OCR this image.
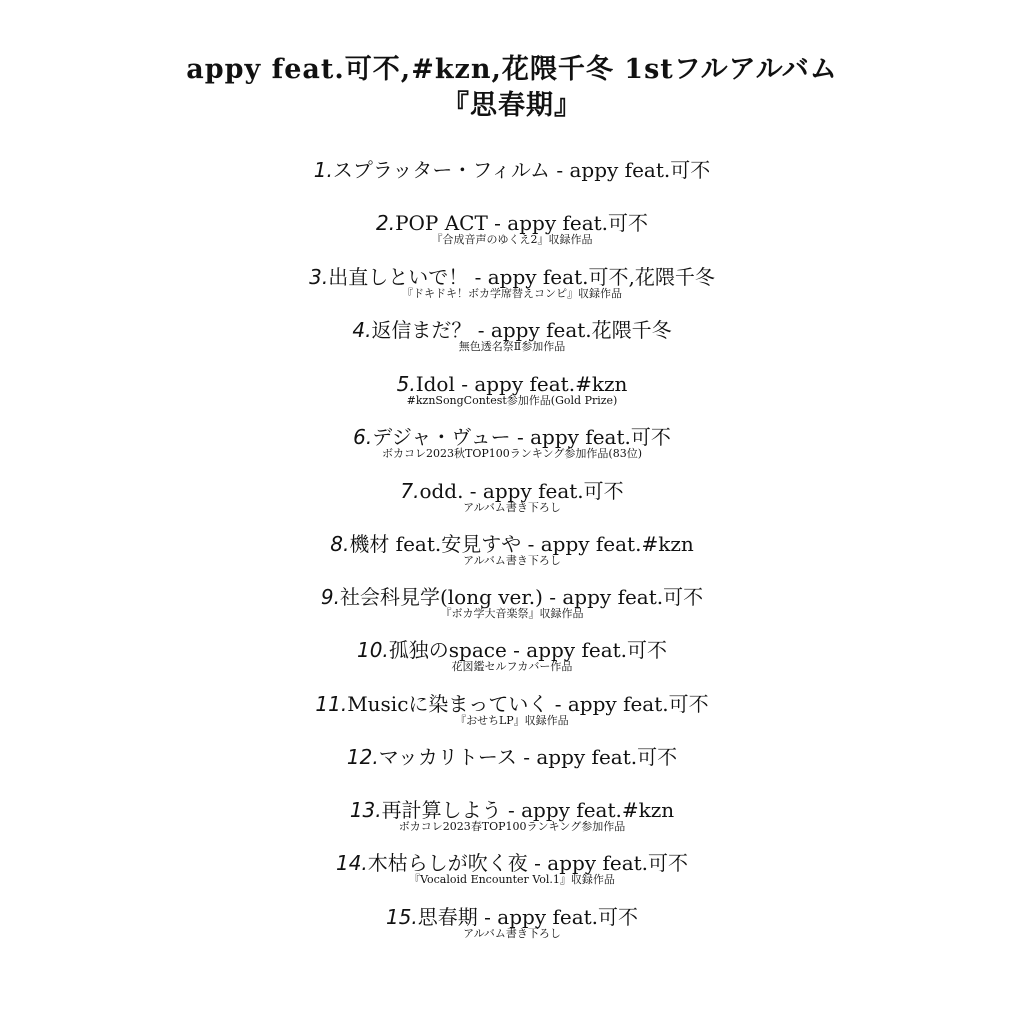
appy feat.可不,#kzn,花隈千冬 1stフルアルバム
『思春期』
1.スプラッター・フィルム - appy feat.可不
2.POP ACT - appy feat.可不
『合成音声のゆくえ2』収録作品
3.出直しといで！ - appy feat.可不,花隈千冬
『ドキドキ！ボカ学席替えコンピ』収録作品
4.返信まだ？ - appy feat.花隈千冬
無色透名祭Ⅱ参加作品
5.Idol - appy feat.#kzn
#kznSongContest参加作品(Gold Prize)
6.デジャ・ヴュー - appy feat.可不
ボカコレ2023秋TOP100ランキング参加作品(83位)
7.odd. - appy feat.可不
アルバム書き下ろし
8.機材 feat.安見すや - appy feat.#kzn
アルバム書き下ろし
9.社会科見学(long ver.) - appy feat.可不
『ボカ学大音楽祭』収録作品
10.孤独のspace - appy feat.可不
花図鑑セルフカバー作品
11.Musicに染まっていく - appy feat.可不
『おせちLP』収録作品
12.マッカリトース - appy feat.可不
13.再計算しよう - appy feat.#kzn
ボカコレ2023春TOP100ランキング参加作品
14.木枯らしが吹く夜 - appy feat.可不
『Vocaloid Encounter Vol.1』収録作品
15.思春期 - appy feat.可不
アルバム書き下ろし
